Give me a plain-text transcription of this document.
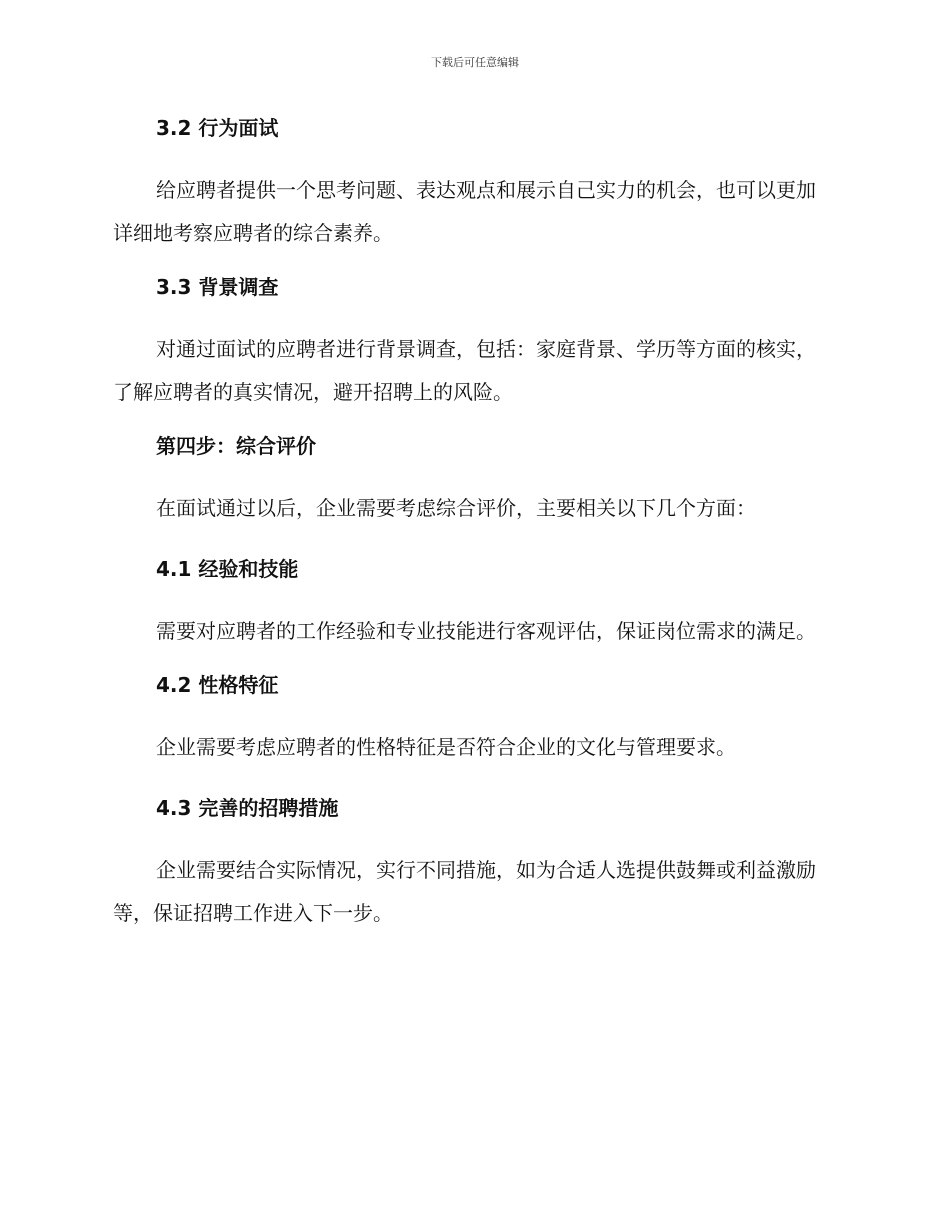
下载后可任意编辑
3.2 行为面试

给应聘者提供一个思考问题、表达观点和展示自己实力的机会，也可以更加详细地考察应聘者的综合素养。

3.3 背景调查

对通过面试的应聘者进行背景调查，包括：家庭背景、学历等方面的核实，了解应聘者的真实情况，避开招聘上的风险。

第四步：综合评价

在面试通过以后，企业需要考虑综合评价，主要相关以下几个方面：

4.1 经验和技能

需要对应聘者的工作经验和专业技能进行客观评估，保证岗位需求的满足。

4.2 性格特征

企业需要考虑应聘者的性格特征是否符合企业的文化与管理要求。

4.3 完善的招聘措施

企业需要结合实际情况，实行不同措施，如为合适人选提供鼓舞或利益激励等，保证招聘工作进入下一步。
